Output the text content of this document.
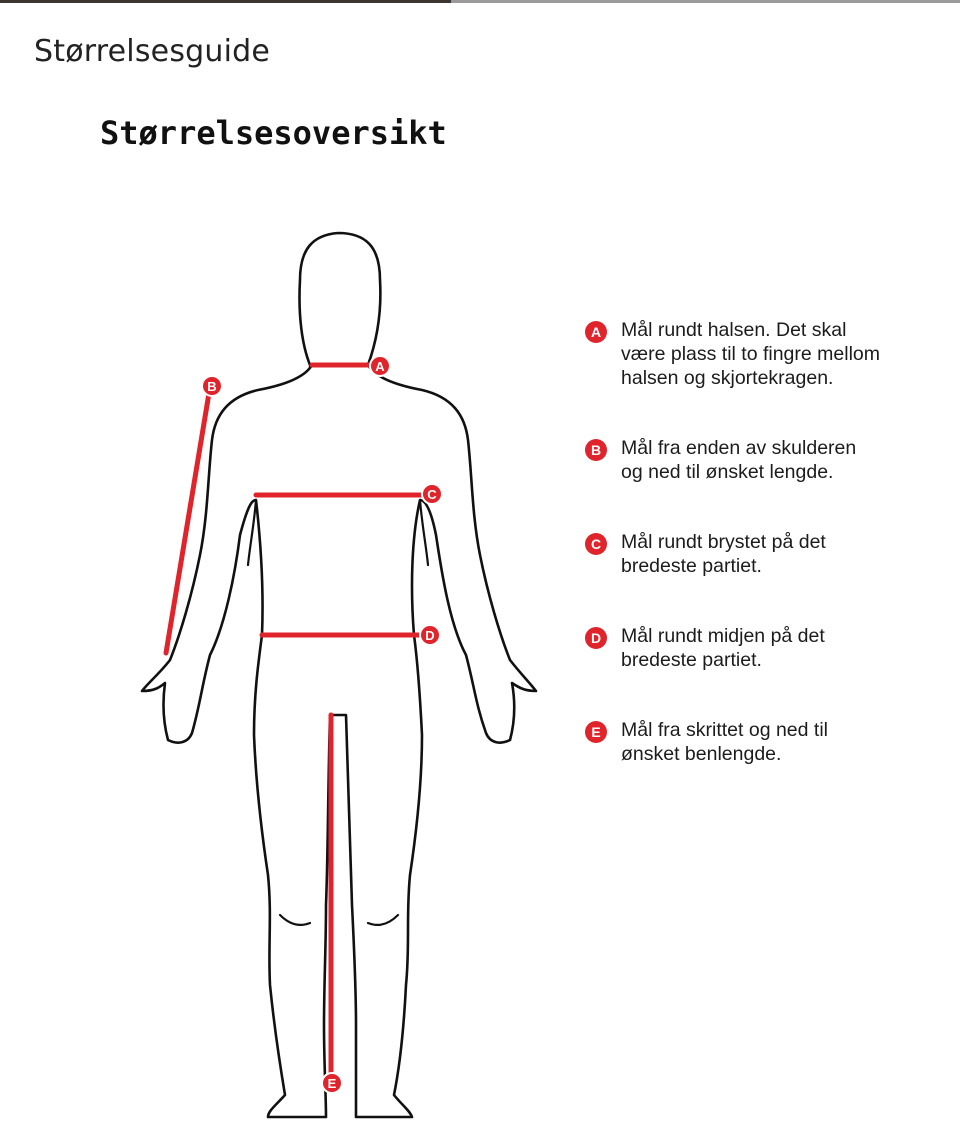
Størrelsesguide
Størrelsesoversikt
A
B
C
D
E
A	Mål rundt halsen. Det skal
være plass til to fingre mellom
halsen og skjortekragen.
B	Mål fra enden av skulderen
og ned til ønsket lengde.
C	Mål rundt brystet på det
bredeste partiet.
D	Mål rundt midjen på det
bredeste partiet.
E	Mål fra skrittet og ned til
ønsket benlengde.
